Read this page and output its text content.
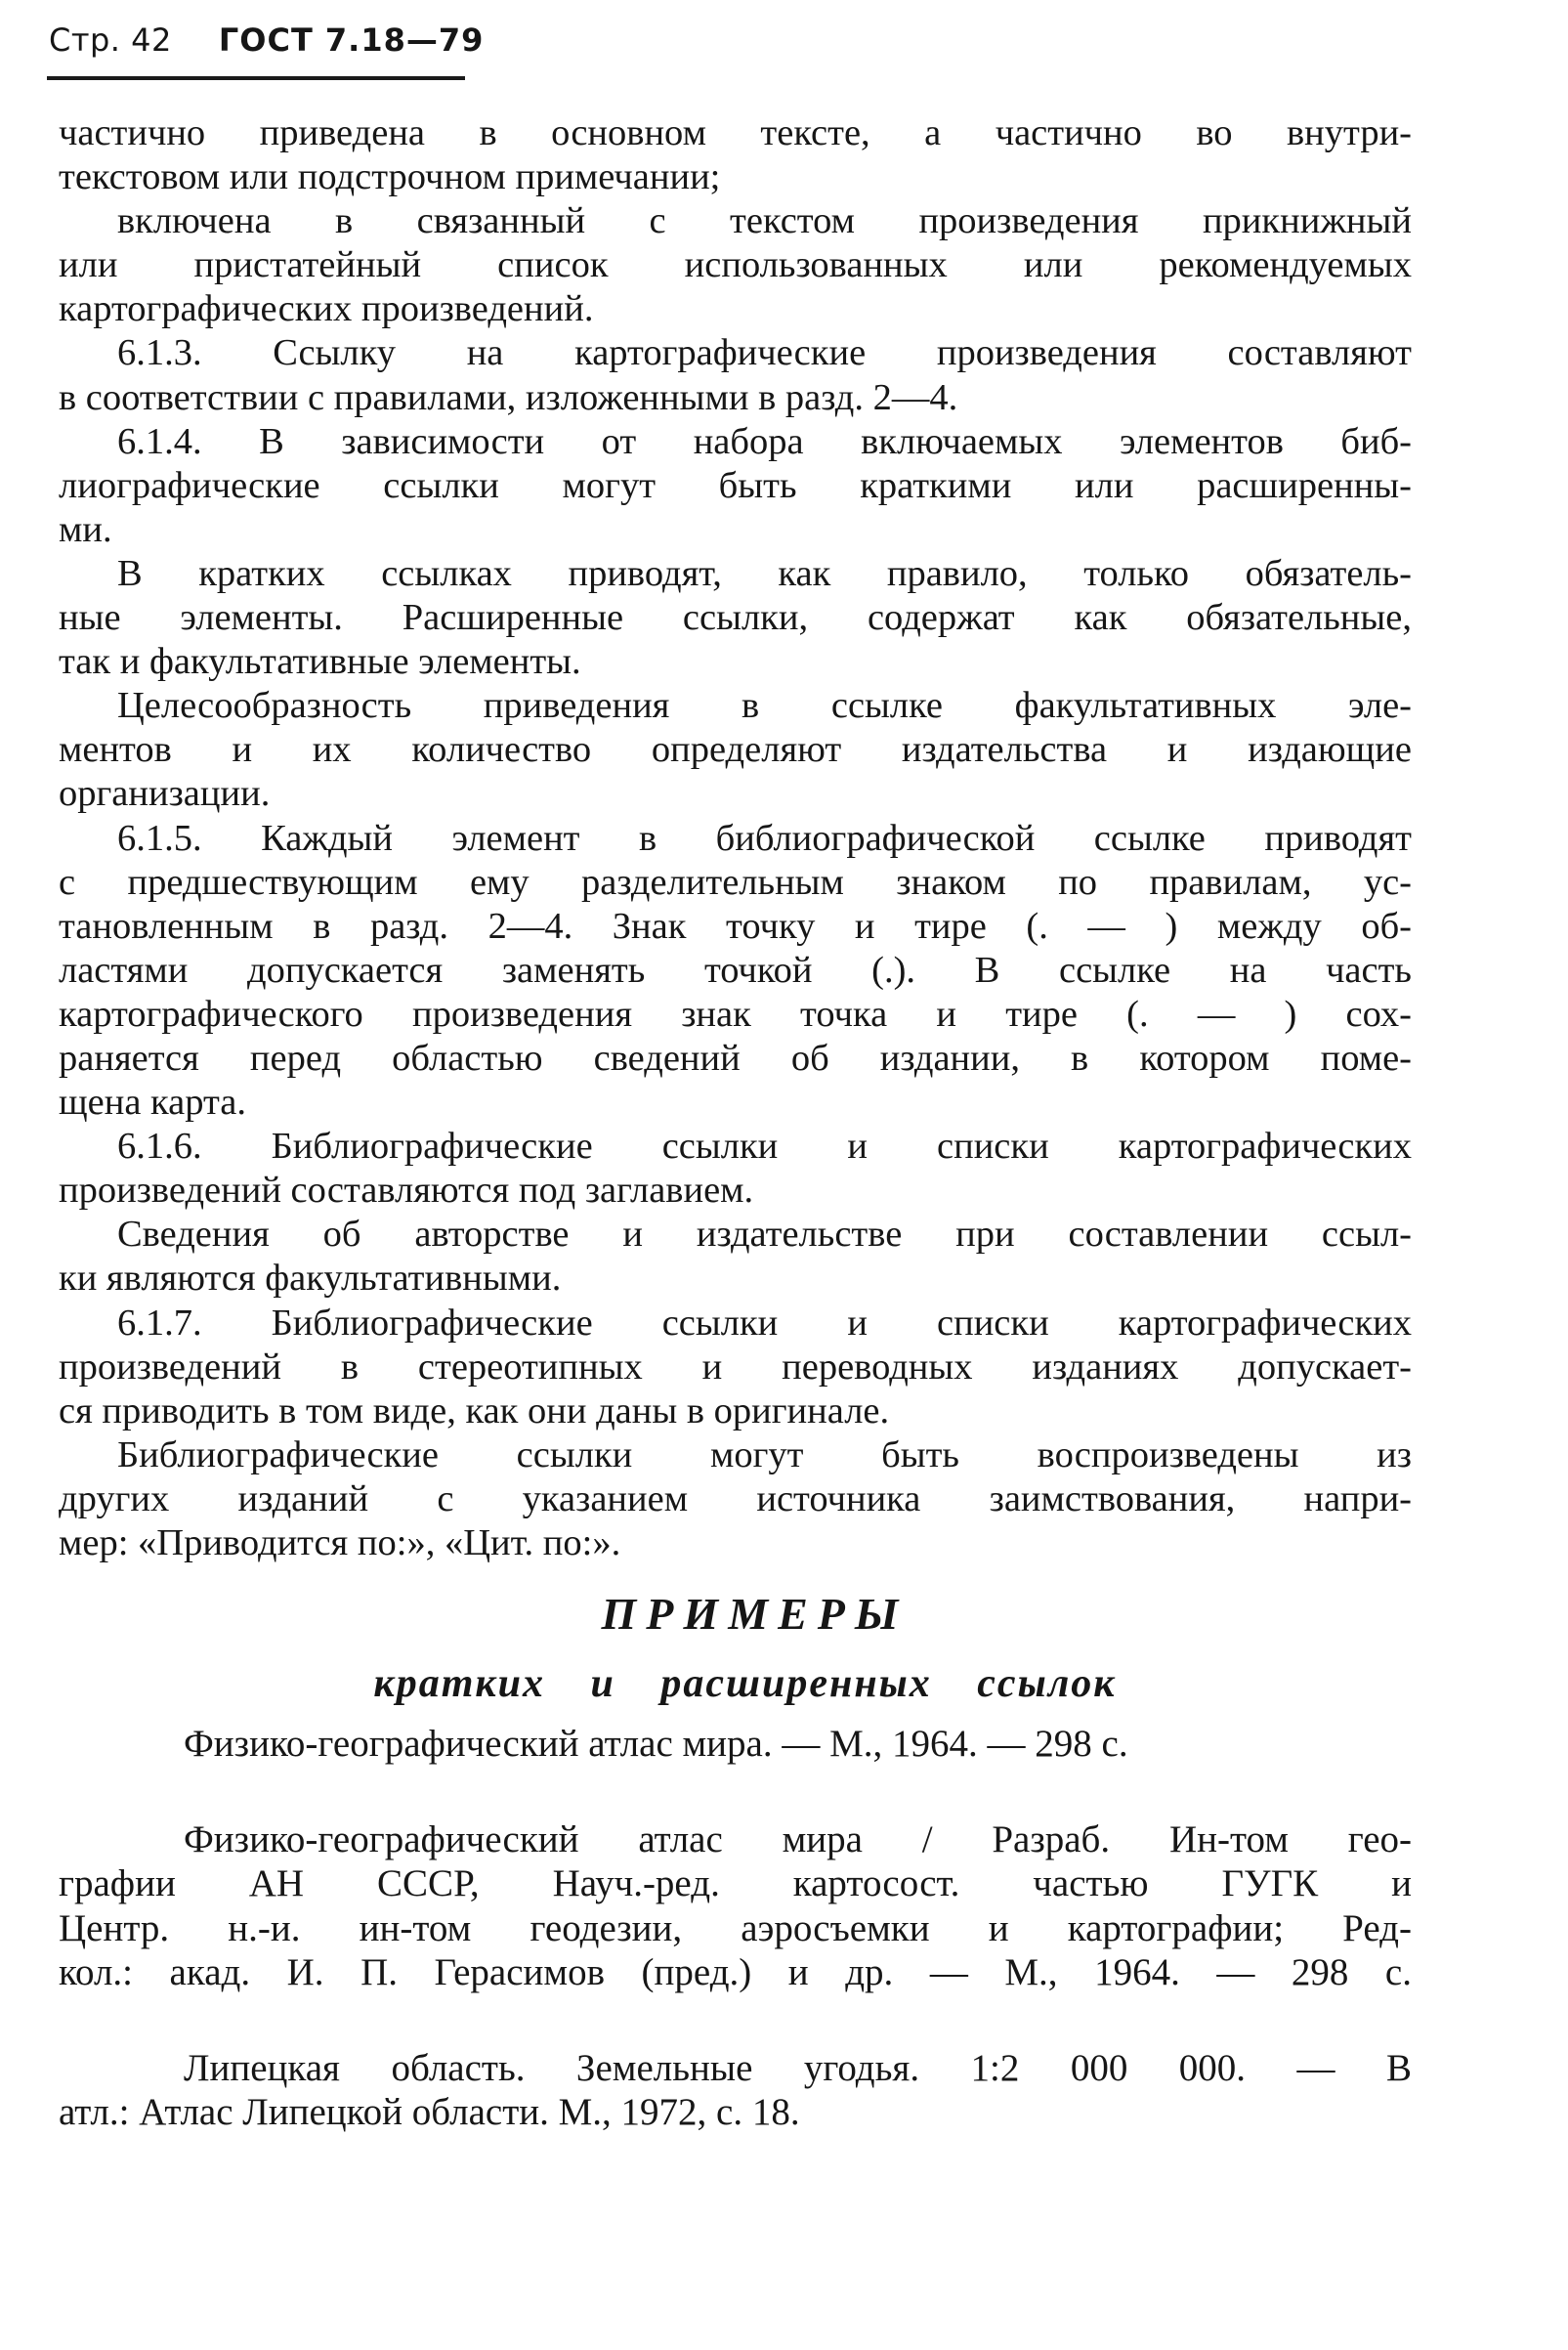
Стр. 42 ГОСТ 7.18—79

частично приведена в основном тексте, а частично во внутри-

текстовом или подстрочном примечании;

включена в связанный с текстом произведения прикнижный

или пристатейный список использованных или рекомендуемых

картографических произведений.

6.1.3. Ссылку на картографические произведения составляют

в соответствии с правилами, изложенными в разд. 2—4.

6.1.4. В зависимости от набора включаемых элементов биб-

лиографические ссылки могут быть краткими или расширенны-

ми.

В кратких ссылках приводят, как правило, только обязатель-

ные элементы. Расширенные ссылки, содержат как обязательные,

так и факультативные элементы.

Целесообразность приведения в ссылке факультативных эле-

ментов и их количество определяют издательства и издающие

организации.

6.1.5. Каждый элемент в библиографической ссылке приводят

с предшествующим ему разделительным знаком по правилам, ус-

тановленным в разд. 2—4. Знак точку и тире (. — ) между об-

ластями допускается заменять точкой (.). В ссылке на часть

картографического произведения знак точка и тире (. — ) сох-

раняется перед областью сведений об издании, в котором поме-

щена карта.

6.1.6. Библиографические ссылки и списки картографических

произведений составляются под заглавием.

Сведения об авторстве и издательстве при составлении ссыл-

ки являются факультативными.

6.1.7. Библиографические ссылки и списки картографических

произведений в стереотипных и переводных изданиях допускает-

ся приводить в том виде, как они даны в оригинале.

Библиографические ссылки могут быть воспроизведены из

других изданий с указанием источника заимствования, напри-

мер: «Приводится по:», «Цит. по:».

ПРИМЕРЫ
кратких и расширенных ссылок

Физико-географический атлас мира. — М., 1964. — 298 с.

Физико-географический атлас мира / Разраб. Ин-том гео-

графии АН СССР, Науч.-ред. картосост. частью ГУГК и

Центр. н.-и. ин-том геодезии, аэросъемки и картографии; Ред-

кол.: акад. И. П. Герасимов (пред.) и др. — М., 1964. — 298 с.

Липецкая область. Земельные угодья. 1:2 000 000. — В

атл.: Атлас Липецкой области. М., 1972, с. 18.
